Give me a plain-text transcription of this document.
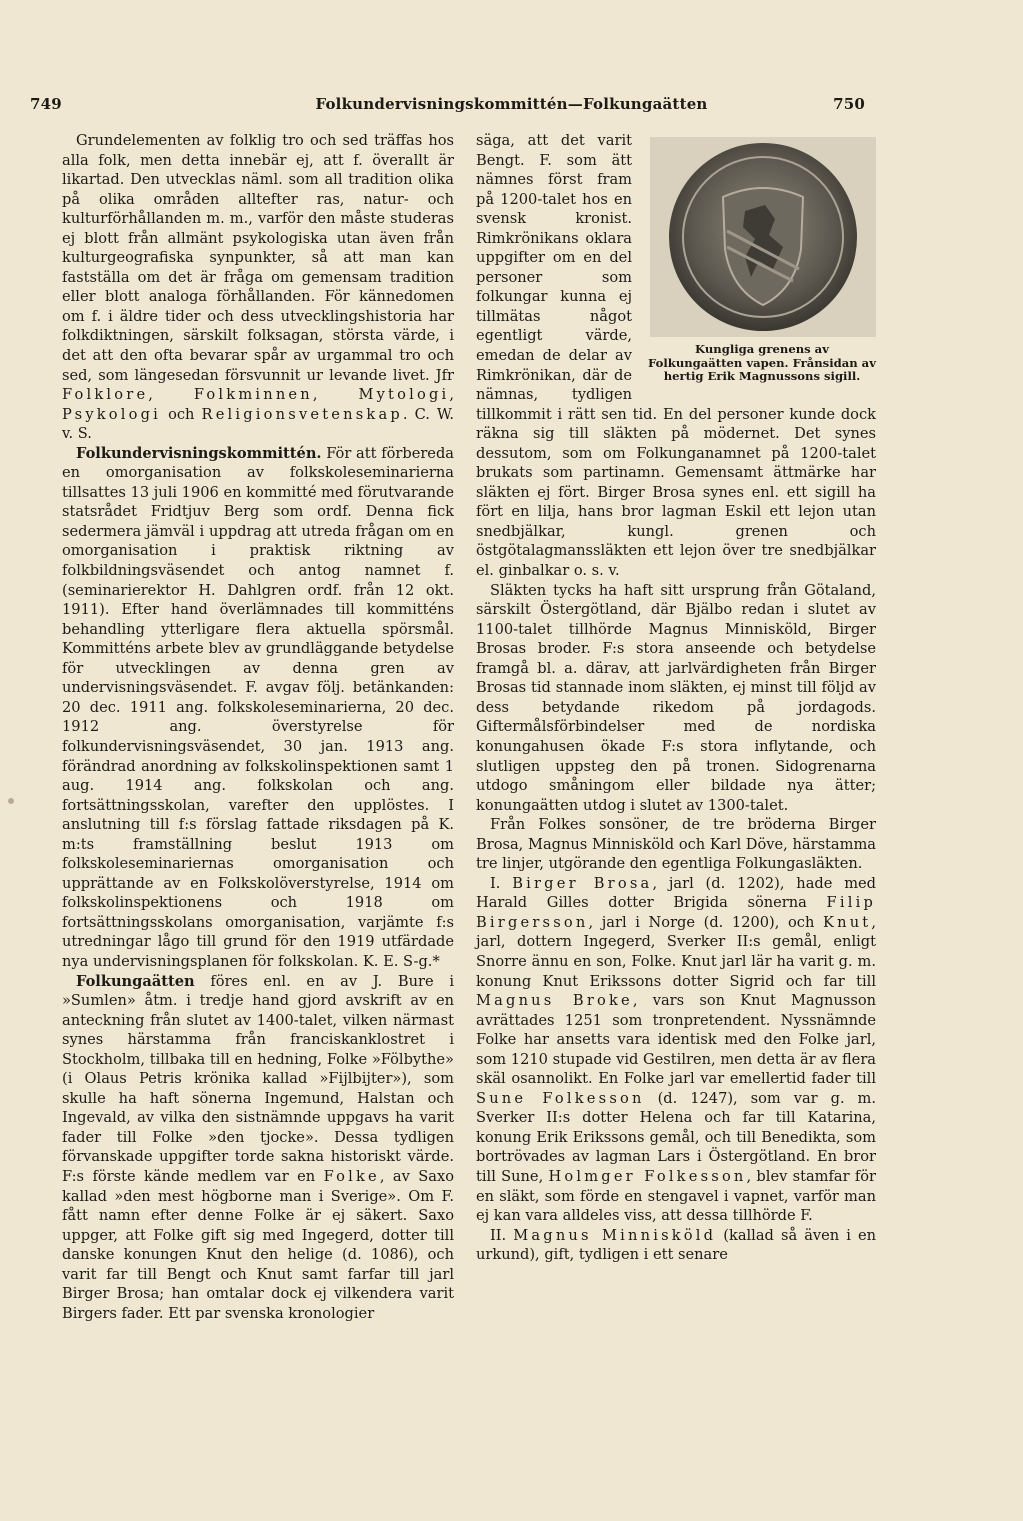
749	Folkundervisningskommittén—Folkungaätten	750

Grundelementen av folklig tro och sed träffas hos alla folk, men detta innebär ej, att f. överallt är likartad. Den utvecklas näml. som all tradition olika på olika områden alltefter ras, natur- och kulturförhållanden m. m., varför den måste studeras ej blott från allmänt psykologiska utan även från kulturgeografiska synpunkter, så att man kan fastställa om det är fråga om gemensam tradition eller blott analoga förhållanden. För kännedomen om f. i äldre tider och dess utvecklingshistoria har folkdiktningen, särskilt folksagan, största värde, i det att den ofta bevarar spår av urgammal tro och sed, som längesedan försvunnit ur levande livet. Jfr Folklore, Folkminnen, Mytologi, Psykologi och Religionsvetenskap. C. W. v. S.

Folkundervisningskommittén. För att förbereda en omorganisation av folkskoleseminarierna tillsattes 13 juli 1906 en kommitté med förutvarande statsrådet Fridtjuv Berg som ordf. Denna fick sedermera jämväl i uppdrag att utreda frågan om en omorganisation i praktisk riktning av folkbildningsväsendet och antog namnet f. (seminarierektor H. Dahlgren ordf. från 12 okt. 1911). Efter hand överlämnades till kommitténs behandling ytterligare flera aktuella spörsmål. Kommitténs arbete blev av grundläggande betydelse för utvecklingen av denna gren av undervisningsväsendet. F. avgav följ. betänkanden: 20 dec. 1911 ang. folkskoleseminarierna, 20 dec. 1912 ang. överstyrelse för folkundervisningsväsendet, 30 jan. 1913 ang. förändrad anordning av folkskolinspektionen samt 1 aug. 1914 ang. folkskolan och ang. fortsättningsskolan, varefter den upplöstes. I anslutning till f:s förslag fattade riksdagen på K. m:ts framställning beslut 1913 om folkskoleseminariernas omorganisation och upprättande av en Folkskolöverstyrelse, 1914 om folkskolinspektionens och 1918 om fortsättningsskolans omorganisation, varjämte f:s utredningar lågo till grund för den 1919 utfärdade nya undervisningsplanen för folkskolan. K. E. S-g.*

Folkungaätten föres enl. en av J. Bure i »Sumlen» åtm. i tredje hand gjord avskrift av en anteckning från slutet av 1400-talet, vilken närmast synes härstamma från franciskanklostret i Stockholm, tillbaka till en hedning, Folke »Fölbythe» (i Olaus Petris krönika kallad »Fijlbijter»), som skulle ha haft sönerna Ingemund, Halstan och Ingevald, av vilka den sistnämnde uppgavs ha varit fader till Folke »den tjocke». Dessa tydligen förvanskade uppgifter torde sakna historiskt värde. F:s förste kände medlem var en Folke, av Saxo kallad »den mest högborne man i Sverige». Om F. fått namn efter denne Folke är ej säkert. Saxo uppger, att Folke gift sig med Ingegerd, dotter till danske konungen Knut den helige (d. 1086), och varit far till Bengt och Knut samt farfar till jarl Birger Brosa; han omtalar dock ej vilkendera varit Birgers fader. Ett par svenska kronologier

Kungliga grenens av Folkungaätten vapen. Frånsidan av hertig Erik Magnussons sigill.

säga, att det varit Bengt. F. som ätt nämnes först fram på 1200-talet hos en svensk kronist. Rimkrönikans oklara uppgifter om en del personer som folkungar kunna ej tillmätas något egentligt värde, emedan de delar av Rimkrönikan, där de nämnas, tydligen tillkommit i rätt sen tid. En del personer kunde dock räkna sig till släkten på mödernet. Det synes dessutom, som om Folkunganamnet på 1200-talet brukats som partinamn. Gemensamt ättmärke har släkten ej fört. Birger Brosa synes enl. ett sigill ha fört en lilja, hans bror lagman Eskil ett lejon utan snedbjälkar, kungl. grenen och östgötalagmanssläkten ett lejon över tre snedbjälkar el. ginbalkar o. s. v.

Släkten tycks ha haft sitt ursprung från Götaland, särskilt Östergötland, där Bjälbo redan i slutet av 1100-talet tillhörde Magnus Minnisköld, Birger Brosas broder. F:s stora anseende och betydelse framgå bl. a. därav, att jarlvärdigheten från Birger Brosas tid stannade inom släkten, ej minst till följd av dess betydande rikedom på jordagods. Giftermålsförbindelser med de nordiska konungahusen ökade F:s stora inflytande, och slutligen uppsteg den på tronen. Sidogrenarna utdogo småningom eller bildade nya ätter; konungaätten utdog i slutet av 1300-talet.

Från Folkes sonsöner, de tre bröderna Birger Brosa, Magnus Minnisköld och Karl Döve, härstamma tre linjer, utgörande den egentliga Folkungasläkten.

I. Birger Brosa, jarl (d. 1202), hade med Harald Gilles dotter Brigida sönerna Filip Birgersson, jarl i Norge (d. 1200), och Knut, jarl, dottern Ingegerd, Sverker II:s gemål, enligt Snorre ännu en son, Folke. Knut jarl lär ha varit g. m. konung Knut Erikssons dotter Sigrid och far till Magnus Broke, vars son Knut Magnusson avrättades 1251 som tronpretendent. Nyssnämnde Folke har ansetts vara identisk med den Folke jarl, som 1210 stupade vid Gestilren, men detta är av flera skäl osannolikt. En Folke jarl var emellertid fader till Sune Folkesson (d. 1247), som var g. m. Sverker II:s dotter Helena och far till Katarina, konung Erik Erikssons gemål, och till Benedikta, som bortrövades av lagman Lars i Östergötland. En bror till Sune, Holmger Folkesson, blev stamfar för en släkt, som förde en stengavel i vapnet, varför man ej kan vara alldeles viss, att dessa tillhörde F.

II. Magnus Minnisköld (kallad så även i en urkund), gift, tydligen i ett senare
